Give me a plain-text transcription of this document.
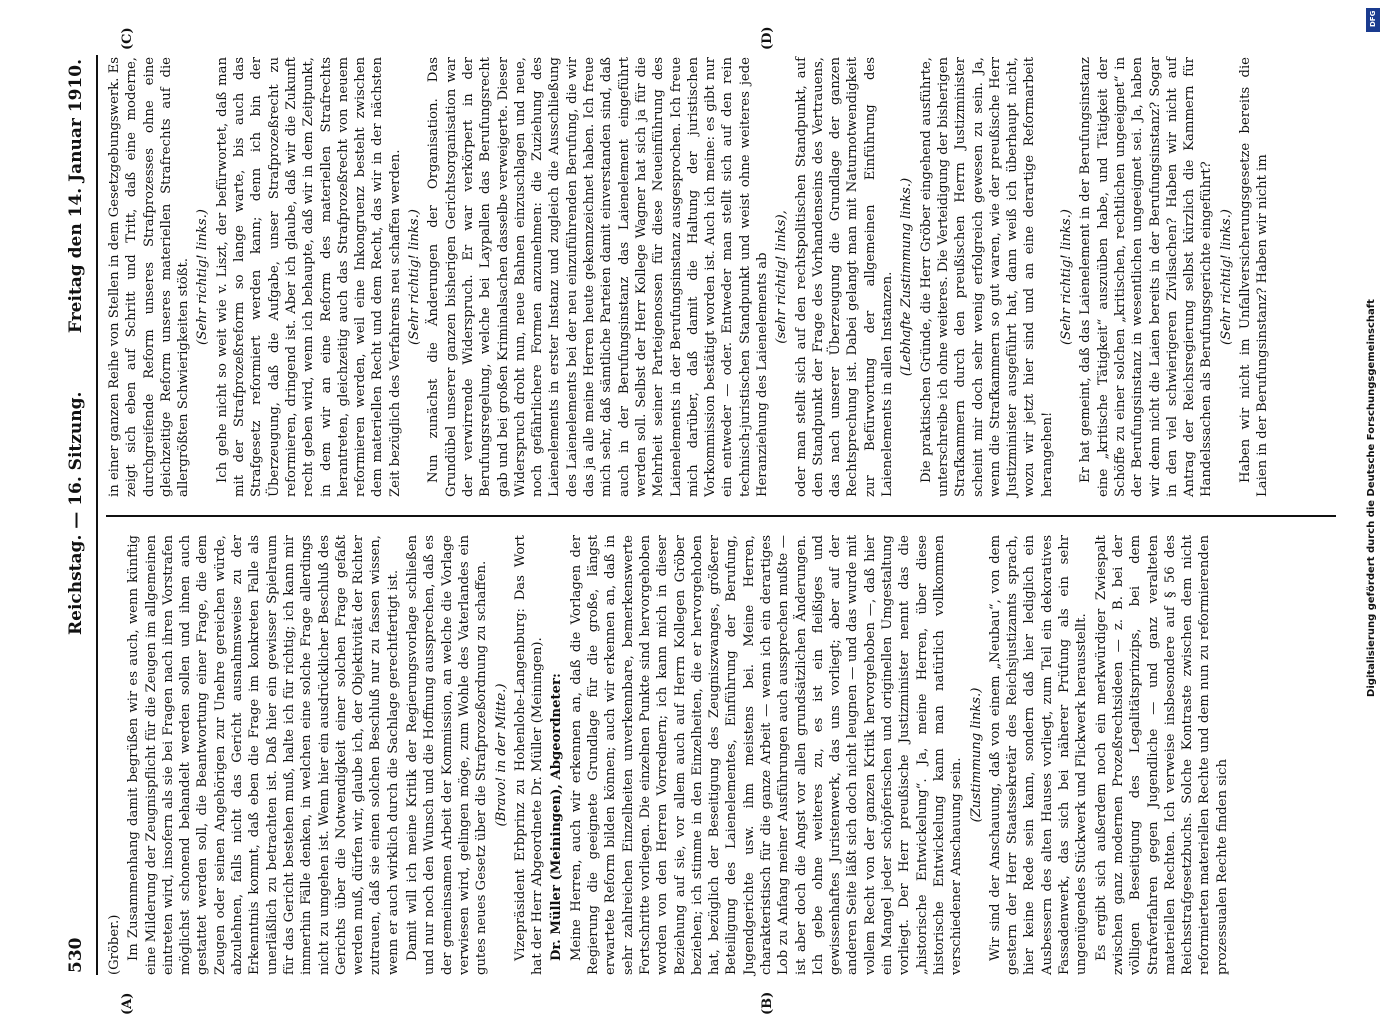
530
Reichstag. — 16. Sitzung.
Freitag den 14. Januar 1910.
(A)	(B)
(C)	(D)

(Gröber.) Im Zusammenhang damit begrüßen wir es auch, wenn künftig eine Milderung der Zeugnispflicht für die Zeugen im allgemeinen eintreten wird, insofern als sie bei Fragen nach ihren Vorstrafen möglichst schonend behandelt werden sollen und ihnen auch gestattet werden soll, die Beantwortung einer Frage, die dem Zeugen oder seinen Angehörigen zur Unehre gereichen würde, abzulehnen, falls nicht das Gericht ausnahmsweise zu der Erkenntnis kommt, daß eben die Frage im konkreten Falle als unerläßlich zu betrachten ist. Daß hier ein gewisser Spielraum für das Gericht bestehen muß, halte ich für richtig; ich kann mir immerhin Fälle denken, in welchen eine solche Frage allerdings nicht zu umgehen ist. Wenn hier ein ausdrücklicher Beschluß des Gerichts über die Notwendigkeit einer solchen Frage gefaßt werden muß, dürfen wir, glaube ich, der Objektivität der Richter zutrauen, daß sie einen solchen Beschluß nur zu fassen wissen, wenn er auch wirklich durch die Sachlage gerechtfertigt ist. Damit will ich meine Kritik der Regierungsvorlage schließen und nur noch den Wunsch und die Hoffnung aussprechen, daß es der gemeinsamen Arbeit der Kommission, an welche die Vorlage verwiesen wird, gelingen möge, zum Wohle des Vaterlandes ein gutes neues Gesetz über die Strafprozeßordnung zu schaffen. (Bravo! in der Mitte.) Vizepräsident Erbprinz zu Hohenlohe-Langenburg: Das Wort hat der Herr Abgeordnete Dr. Müller (Meiningen). Dr. Müller (Meiningen), Abgeordneter: Meine Herren, auch wir erkennen an, daß die Vorlagen der Regierung die geeignete Grundlage für die große, längst erwartete Reform bilden können; auch wir erkennen an, daß in sehr zahlreichen Einzelheiten unverkennbare, bemerkenswerte Fortschritte vorliegen. Die einzelnen Punkte sind hervorgehoben worden von den Herren Vorrednern; ich kann mich in dieser Beziehung auf sie, vor allem auch auf Herrn Kollegen Gröber beziehen; ich stimme in den Einzelheiten, die er hervorgehoben hat, bezüglich der Beseitigung des Zeugniszwanges, größerer Beteiligung des Laienelementes, Einführung der Berufung, Jugendgerichte usw. ihm meistens bei. Meine Herren, charakteristisch für die ganze Arbeit — wenn ich ein derartiges Lob zu Anfang meiner Ausführungen auch aussprechen mußte — ist aber doch die Angst vor allen grundsätzlichen Änderungen. Ich gebe ohne weiteres zu, es ist ein fleißiges und gewissenhaftes Juristenwerk, das uns vorliegt; aber auf der anderen Seite läßt sich doch nicht leugnen — und das wurde mit vollem Recht von der ganzen Kritik hervorgehoben —, daß hier ein Mangel jeder schöpferischen und originellen Umgestaltung vorliegt. Der Herr preußische Justizminister nennt das die „historische Entwickelung“. Ja, meine Herren, über diese historische Entwickelung kann man natürlich vollkommen verschiedener Anschauung sein.

(Zustimmung links.) Wir sind der Anschauung, daß von einem „Neubau“, von dem gestern der Herr Staatssekretär des Reichsjustizamts sprach, hier keine Rede sein kann, sondern daß hier lediglich ein Ausbessern des alten Hauses vorliegt, zum Teil ein dekoratives Fassadenwerk, das sich bei näherer Prüfung als ein sehr ungenügendes Stückwerk und Flickwerk herausstellt. Es ergibt sich außerdem noch ein merkwürdiger Zwiespalt zwischen ganz modernen Prozeßrechtsideen — z. B. bei der völligen Beseitigung des Legalitätsprinzips, bei dem Strafverfahren gegen Jugendliche — und ganz veralteten materiellen Rechten. Ich verweise insbesondere auf § 56 des Reichsstrafgesetzbuchs. Solche Kontraste zwischen dem nicht reformierten materiellen Rechte und dem nun zu reformierenden prozessualen Rechte finden sich

in einer ganzen Reihe von Stellen in dem Gesetzgebungswerk. Es zeigt sich eben auf Schritt und Tritt, daß eine moderne, durchgreifende Reform unseres Strafprozesses ohne eine gleichzeitige Reform unseres materiellen Strafrechts auf die allergrößten Schwierigkeiten stößt. (Sehr richtig! links.) Ich gehe nicht so weit wie v. Liszt, der befürwortet, daß man mit der Strafprozeßreform so lange warte, bis auch das Strafgesetz reformiert werden kann; denn ich bin der Überzeugung, daß die Aufgabe, unser Strafprozeßrecht zu reformieren, dringend ist. Aber ich glaube, daß wir die Zukunft recht geben wird, wenn ich behaupte, daß wir in dem Zeitpunkt, in dem wir an eine Reform des materiellen Strafrechts herantreten, gleichzeitig auch das Strafprozeßrecht von neuem reformieren werden, weil eine Inkongruenz besteht zwischen dem materiellen Recht und dem Recht, das wir in der nächsten Zeit bezüglich des Verfahrens neu schaffen werden. (Sehr richtig! links.) Nun zunächst die Änderungen der Organisation. Das Grundübel unserer ganzen bisherigen Gerichtsorganisation war der verwirrende Widerspruch. Er war verkörpert in der Berufungsregelung, welche bei Laypallen das Berufungsrecht gab und bei großen Kriminalsachen dasselbe verweigerte. Dieser Widerspruch droht nun, neue Bahnen einzuschlagen und neue, noch gefährlichere Formen anzunehmen: die Zuziehung des Laienelements in erster Instanz und zugleich die Ausschließung des Laienelements bei der neu einzuführenden Berufung, die wir das ja alle meine Herren heute gekennzeichnet haben. Ich freue mich sehr, daß sämtliche Parteien damit einverstanden sind, daß auch in der Berufungsinstanz das Laienelement eingeführt werden soll. Selbst der Herr Kollege Wagner hat sich ja für die Mehrheit seiner Parteigenossen für diese Neueinführung des Laienelements in der Berufungsinstanz ausgesprochen. Ich freue mich darüber, daß damit die Haltung der juristischen Vorkommission bestätigt worden ist. Auch ich meine: es gibt nur ein entweder — oder. Entweder man stellt sich auf den rein technisch-juristischen Standpunkt und weist ohne weiteres jede Heranziehung des Laienelements ab (sehr richtig! links), oder man stellt sich auf den rechtspolitischen Standpunkt, auf den Standpunkt der Frage des Vorhandenseins des Vertrauens, das nach unserer Überzeugung die Grundlage der ganzen Rechtsprechung ist. Dabei gelangt man mit Naturnotwendigkeit zur Befürwortung der allgemeinen Einführung des Laienelements in allen Instanzen. (Lebhafte Zustimmung links.) Die praktischen Gründe, die Herr Gröber eingehend ausführte, unterschreibe ich ohne weiteres. Die Verteidigung der bisherigen Strafkammern durch den preußischen Herrn Justizminister scheint mir doch sehr wenig erfolgreich gewesen zu sein. Ja, wenn die Strafkammern so gut waren, wie der preußische Herr Justizminister ausgeführt hat, dann weiß ich überhaupt nicht, wozu wir jetzt hier sind und an eine derartige Reformarbeit herangehen!

(Sehr richtig! links.) Er hat gemeint, daß das Laienelement in der Berufungsinstanz eine „kritische Tätigkeit“ auszuüben habe, und Tätigkeit der Schöffe zu einer solchen „kritischen, rechtlichen ungeeignet“ in der Berufungsinstanz in wesentlichen ungeeignet sei. Ja, haben wir denn nicht die Laien bereits in der Berufungsinstanz? Sogar in den viel schwierigeren Zivilsachen? Haben wir nicht auf Antrag der Reichsregierung selbst kürzlich die Kammern für Handelssachen als Berufungsgerichte eingeführt? (Sehr richtig! links.) Haben wir nicht im Unfallversicherungsgesetze bereits die Laien in der Berufungsinstanz? Haben wir nicht im	Digitalisierung gefördert durch die Deutsche Forschungsgemeinschaft
DFG
